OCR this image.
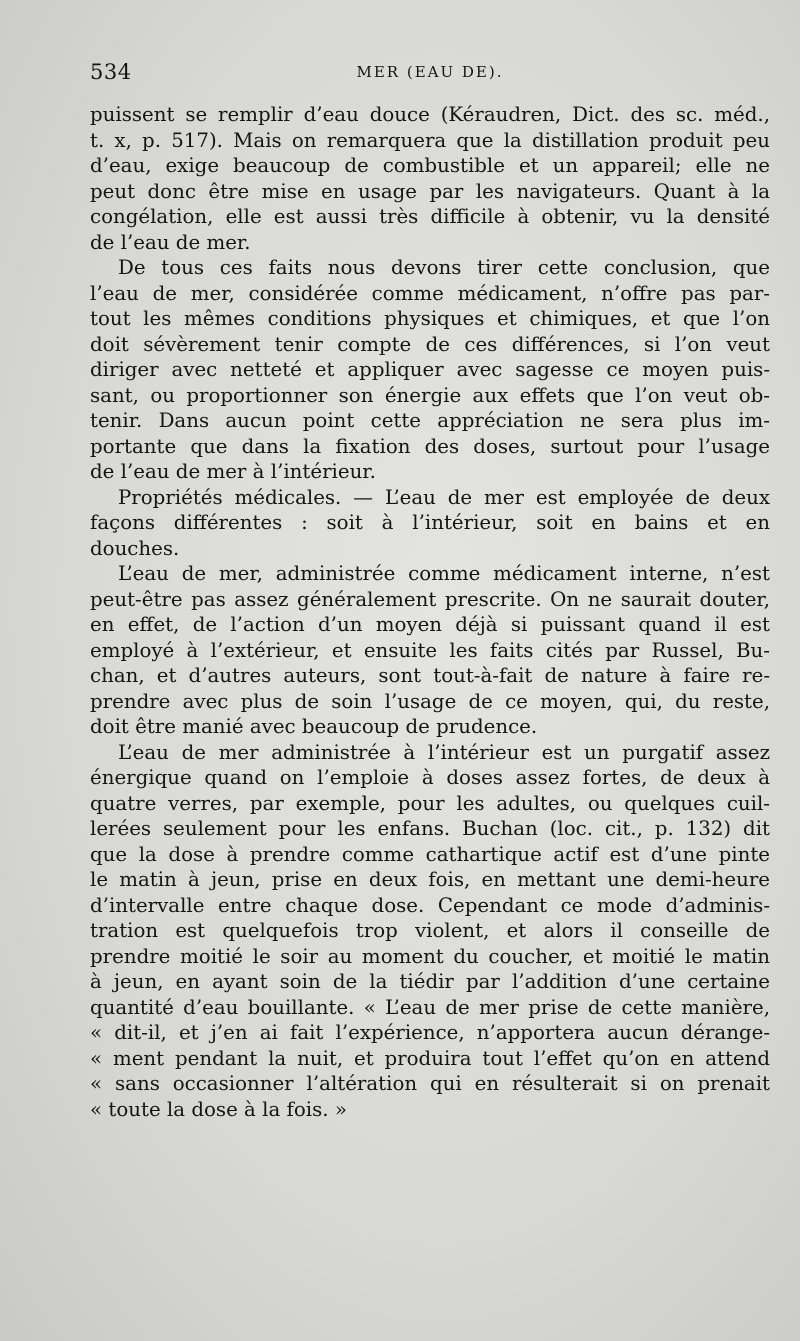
534	MER (EAU DE).
puissent se remplir d’eau douce (Kéraudren, Dict. des sc. méd.,
t. x, p. 517). Mais on remarquera que la distillation produit peu
d’eau, exige beaucoup de combustible et un appareil; elle ne
peut donc être mise en usage par les navigateurs. Quant à la
congélation, elle est aussi très difficile à obtenir, vu la densité
de l’eau de mer.
De tous ces faits nous devons tirer cette conclusion, que
l’eau de mer, considérée comme médicament, n’offre pas par-
tout les mêmes conditions physiques et chimiques, et que l’on
doit sévèrement tenir compte de ces différences, si l’on veut
diriger avec netteté et appliquer avec sagesse ce moyen puis-
sant, ou proportionner son énergie aux effets que l’on veut ob-
tenir. Dans aucun point cette appréciation ne sera plus im-
portante que dans la fixation des doses, surtout pour l’usage
de l’eau de mer à l’intérieur.
Propriétés médicales. — L’eau de mer est employée de deux
façons différentes : soit à l’intérieur, soit en bains et en
douches.
L’eau de mer, administrée comme médicament interne, n’est
peut-être pas assez généralement prescrite. On ne saurait douter,
en effet, de l’action d’un moyen déjà si puissant quand il est
employé à l’extérieur, et ensuite les faits cités par Russel, Bu-
chan, et d’autres auteurs, sont tout-à-fait de nature à faire re-
prendre avec plus de soin l’usage de ce moyen, qui, du reste,
doit être manié avec beaucoup de prudence.
L’eau de mer administrée à l’intérieur est un purgatif assez
énergique quand on l’emploie à doses assez fortes, de deux à
quatre verres, par exemple, pour les adultes, ou quelques cuil-
lerées seulement pour les enfans. Buchan (loc. cit., p. 132) dit
que la dose à prendre comme cathartique actif est d’une pinte
le matin à jeun, prise en deux fois, en mettant une demi-heure
d’intervalle entre chaque dose. Cependant ce mode d’adminis-
tration est quelquefois trop violent, et alors il conseille de
prendre moitié le soir au moment du coucher, et moitié le matin
à jeun, en ayant soin de la tiédir par l’addition d’une certaine
quantité d’eau bouillante. « L’eau de mer prise de cette manière,
« dit-il, et j’en ai fait l’expérience, n’apportera aucun dérange-
« ment pendant la nuit, et produira tout l’effet qu’on en attend
« sans occasionner l’altération qui en résulterait si on prenait
« toute la dose à la fois. »
